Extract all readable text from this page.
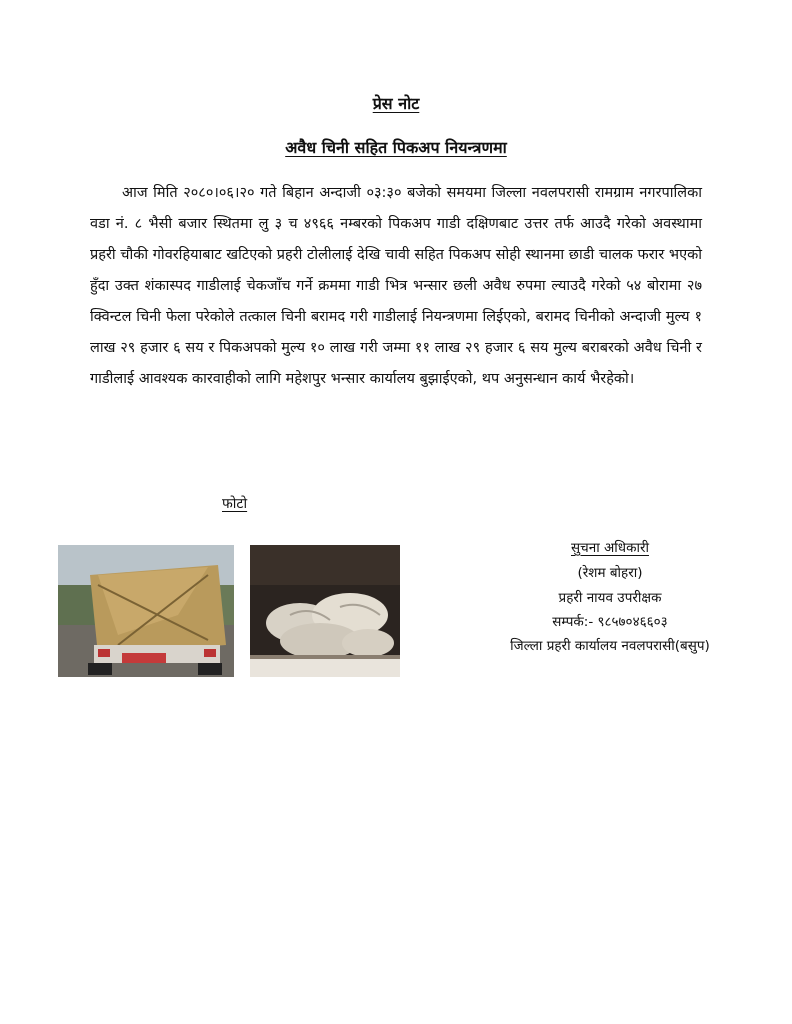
प्रेस नोट
अवैध चिनी सहित पिकअप नियन्त्रणमा

आज मिति २०८०।०६।२० गते बिहान अन्दाजी ०३:३० बजेको समयमा जिल्ला नवलपरासी रामग्राम नगरपालिका वडा नं. ८ भैसी बजार स्थितमा लु ३ च ४९६६ नम्बरको पिकअप गाडी दक्षिणबाट उत्तर तर्फ आउदै गरेको अवस्थामा प्रहरी चौकी गोवरहियाबाट खटिएको प्रहरी टोलीलाई देखि चावी सहित पिकअप सोही स्थानमा छाडी चालक फरार भएको हुँदा उक्त शंकास्पद गाडीलाई चेकजाँच गर्ने क्रममा गाडी भित्र भन्सार छली अवैध रुपमा ल्याउदै गरेको ५४ बोरामा २७ क्विन्टल चिनी फेला परेकोले तत्काल चिनी बरामद गरी गाडीलाई नियन्त्रणमा लिईएको, बरामद चिनीको अन्दाजी मुल्य १ लाख २९ हजार ६ सय र पिकअपको मुल्य १० लाख गरी जम्मा ११ लाख २९ हजार ६ सय मुल्य बराबरको अवैध चिनी र गाडीलाई आवश्यक कारवाहीको लागि महेशपुर भन्सार कार्यालय बुझाईएको, थप अनुसन्धान कार्य भैरहेको।

फोटो
सुचना अधिकारी
(रेशम बोहरा)
प्रहरी नायव उपरीक्षक
सम्पर्क:- ९८५७०४६६०३
जिल्ला प्रहरी कार्यालय नवलपरासी(बसुप)
